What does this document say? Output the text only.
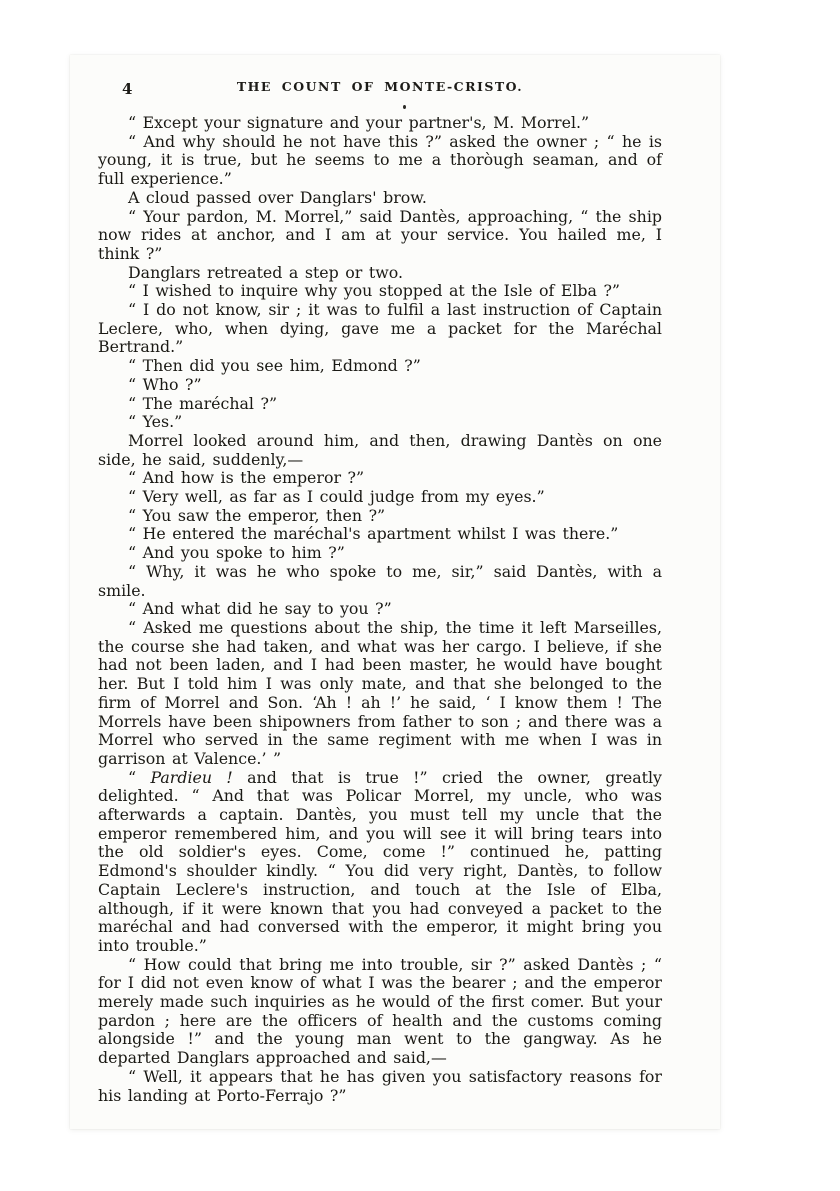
4	THE COUNT OF MONTE-CRISTO.

“ Except your signature and your partner's, M. Morrel.”

“ And why should he not have this ?” asked the owner ; “ he is young, it is true, but he seems to me a thoròugh seaman, and of full experience.”

A cloud passed over Danglars' brow.

“ Your pardon, M. Morrel,” said Dantès, approaching, “ the ship now rides at anchor, and I am at your service. You hailed me, I think ?”

Danglars retreated a step or two.

“ I wished to inquire why you stopped at the Isle of Elba ?”

“ I do not know, sir ; it was to fulfil a last instruction of Captain Leclere, who, when dying, gave me a packet for the Maréchal Bertrand.”

“ Then did you see him, Edmond ?”

“ Who ?”

“ The maréchal ?”

“ Yes.”

Morrel looked around him, and then, drawing Dantès on one side, he said, suddenly,—

“ And how is the emperor ?”

“ Very well, as far as I could judge from my eyes.”

“ You saw the emperor, then ?”

“ He entered the maréchal's apartment whilst I was there.”

“ And you spoke to him ?”

“ Why, it was he who spoke to me, sir,” said Dantès, with a smile.

“ And what did he say to you ?”

“ Asked me questions about the ship, the time it left Marseilles, the course she had taken, and what was her cargo. I believe, if she had not been laden, and I had been master, he would have bought her. But I told him I was only mate, and that she belonged to the firm of Morrel and Son. ‘Ah ! ah !’ he said, ‘ I know them ! The Morrels have been shipowners from father to son ; and there was a Morrel who served in the same regiment with me when I was in garrison at Valence.’ ”

“ Pardieu ! and that is true !” cried the owner, greatly delighted. “ And that was Policar Morrel, my uncle, who was afterwards a captain. Dantès, you must tell my uncle that the emperor remembered him, and you will see it will bring tears into the old soldier's eyes. Come, come !” continued he, patting Edmond's shoulder kindly. “ You did very right, Dantès, to follow Captain Leclere's instruction, and touch at the Isle of Elba, although, if it were known that you had conveyed a packet to the maréchal and had conversed with the emperor, it might bring you into trouble.”

“ How could that bring me into trouble, sir ?” asked Dantès ; “ for I did not even know of what I was the bearer ; and the emperor merely made such inquiries as he would of the first comer. But your pardon ; here are the officers of health and the customs coming alongside !” and the young man went to the gangway. As he departed Danglars approached and said,—

“ Well, it appears that he has given you satisfactory reasons for his landing at Porto-Ferrajo ?”
